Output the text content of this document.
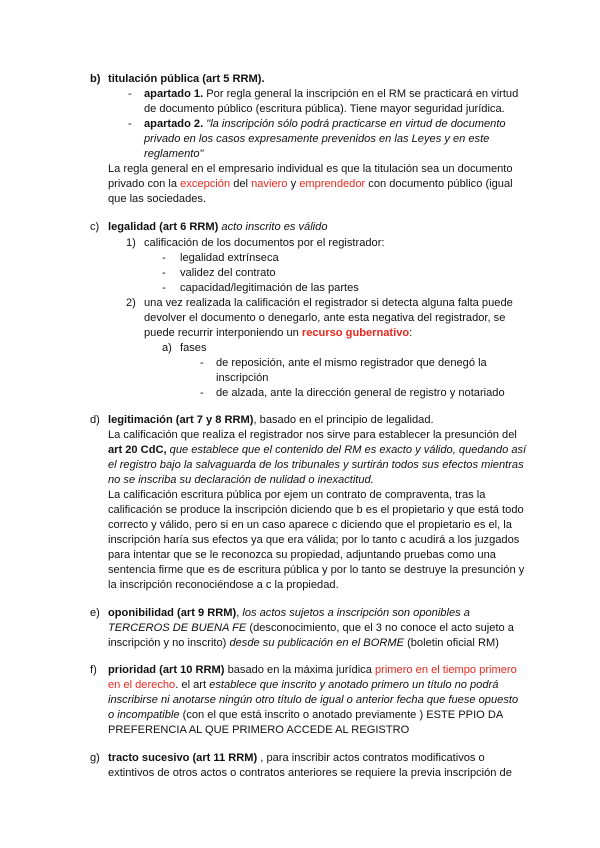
b) titulación pública (art 5 RRM).
- apartado 1. Por regla general la inscripción en el RM se practicará en virtud
de documento público (escritura pública). Tiene mayor seguridad jurídica.
- apartado 2. "la inscripción sólo podrá practicarse en virtud de documento
privado en los casos expresamente prevenidos en las Leyes y en este
reglamento"
La regla general en el empresario individual es que la titulación sea un documento
privado con la excepción del naviero y emprendedor con documento público (igual
que las sociedades.
c) legalidad (art 6 RRM) acto inscrito es válido
1) calificación de los documentos por el registrador:
- legalidad extrínseca
- validez del contrato
- capacidad/legitimación de las partes
2) una vez realizada la calificación el registrador si detecta alguna falta puede
devolver el documento o denegarlo, ante esta negativa del registrador, se
puede recurrir interponiendo un recurso gubernativo:
a) fases
- de reposición, ante el mismo registrador que denegó la
inscripción
- de alzada, ante la dirección general de registro y notariado
d) legitimación (art 7 y 8 RRM), basado en el principio de legalidad.
La calificación que realiza el registrador nos sirve para establecer la presunción del
art 20 CdC, que establece que el contenido del RM es exacto y válido, quedando así
el registro bajo la salvaguarda de los tribunales y surtirán todos sus efectos mientras
no se inscriba su declaración de nulidad o inexactitud.
La calificación escritura pública por ejem un contrato de compraventa, tras la
calificación se produce la inscripción diciendo que b es el propietario y que está todo
correcto y válido, pero si en un caso aparece c diciendo que el propietario es el, la
inscripción haría sus efectos ya que era válida; por lo tanto c acudirá a los juzgados
para intentar que se le reconozca su propiedad, adjuntando pruebas como una
sentencia firme que es de escritura pública y por lo tanto se destruye la presunción y
la inscripción reconociéndose a c la propiedad.
e) oponibilidad (art 9 RRM), los actos sujetos a inscripción son oponibles a
TERCEROS DE BUENA FE (desconocimiento, que el 3 no conoce el acto sujeto a
inscripción y no inscrito) desde su publicación en el BORME (boletin oficial RM)
f) prioridad (art 10 RRM) basado en la máxima jurídica primero en el tiempo primero
en el derecho. el art establece que inscrito y anotado primero un título no podrá
inscribirse ni anotarse ningún otro título de igual o anterior fecha que fuese opuesto
o incompatible (con el que está inscrito o anotado previamente ) ESTE PPIO DA
PREFERENCIA AL QUE PRIMERO ACCEDE AL REGISTRO
g) tracto sucesivo (art 11 RRM) , para inscribir actos contratos modificativos o
extintivos de otros actos o contratos anteriores se requiere la previa inscripción de
